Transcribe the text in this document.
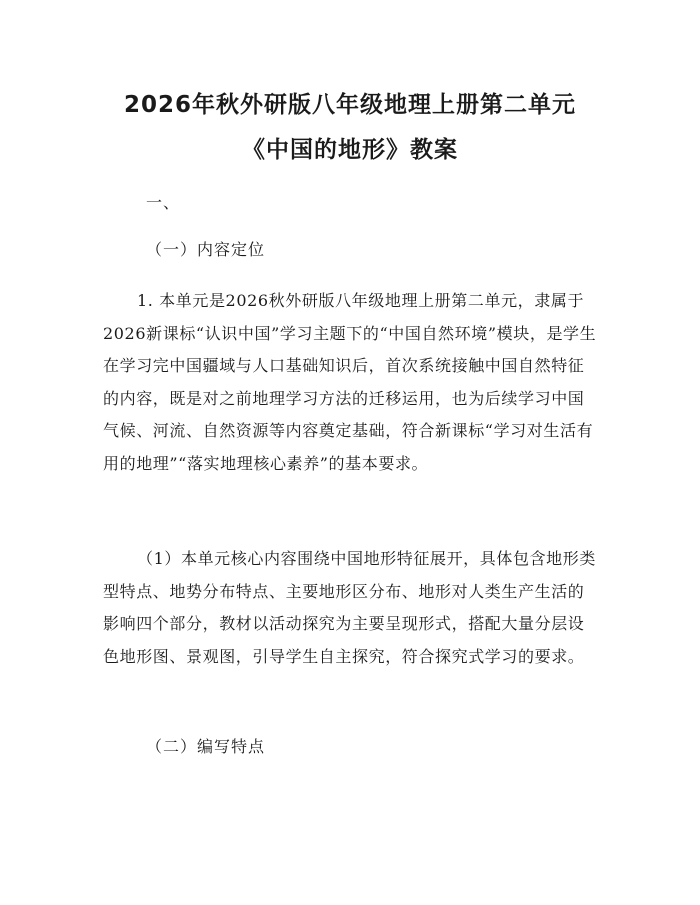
2026年秋外研版八年级地理上册第二单元
《中国的地形》教案
一、
（一）内容定位

1. 本单元是2026秋外研版八年级地理上册第二单元，隶属于2026新课标“认识中国”学习主题下的“中国自然环境”模块，是学生在学习完中国疆域与人口基础知识后，首次系统接触中国自然特征的内容，既是对之前地理学习方法的迁移运用，也为后续学习中国气候、河流、自然资源等内容奠定基础，符合新课标“学习对生活有用的地理”“落实地理核心素养”的基本要求。

（1）本单元核心内容围绕中国地形特征展开，具体包含地形类型特点、地势分布特点、主要地形区分布、地形对人类生产生活的影响四个部分，教材以活动探究为主要呈现形式，搭配大量分层设色地形图、景观图，引导学生自主探究，符合探究式学习的要求。

（二）编写特点
